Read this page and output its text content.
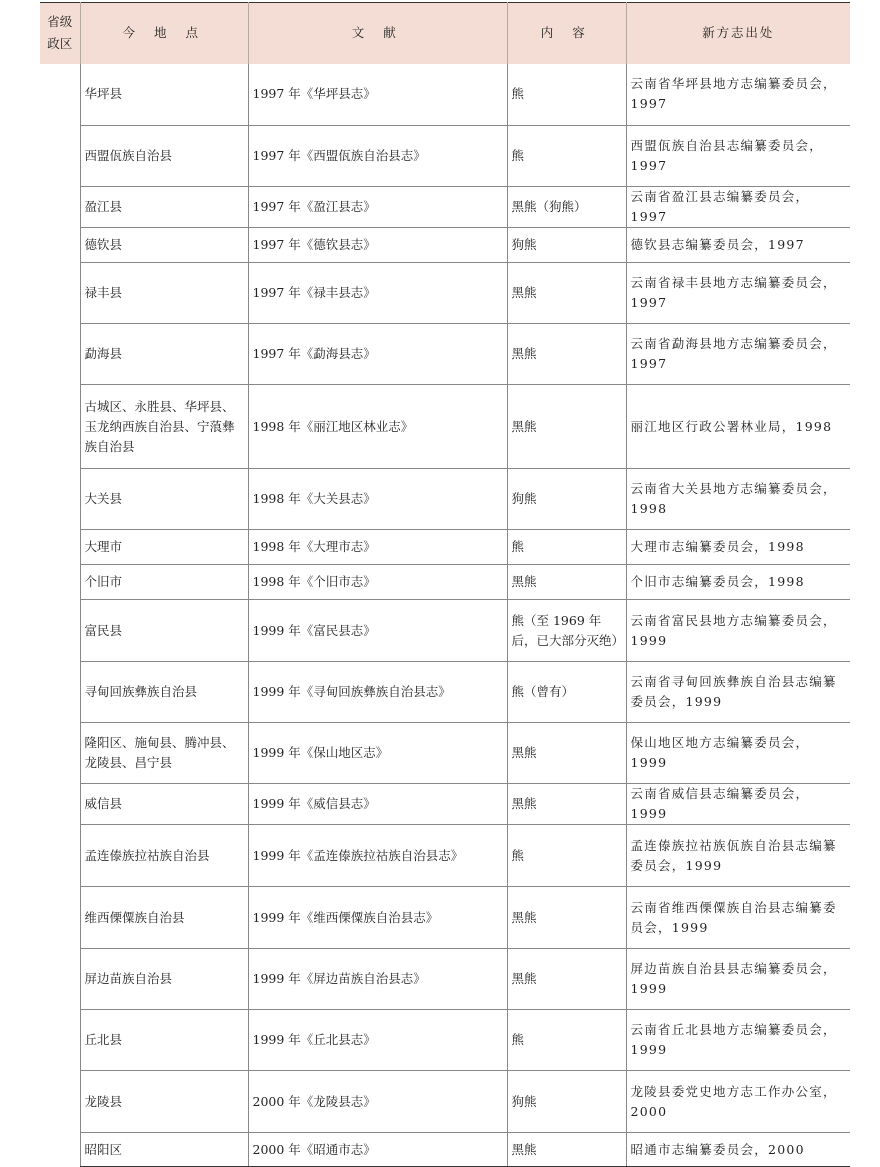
省级
政区	今 地 点	文 献	内 容	新方志出处
	华坪县	1997 年《华坪县志》	熊	云南省华坪县地方志编纂委员会，1997
	西盟佤族自治县	1997 年《西盟佤族自治县志》	熊	西盟佤族自治县志编纂委员会，1997
	盈江县	1997 年《盈江县志》	黑熊（狗熊）	云南省盈江县志编纂委员会，1997
	德钦县	1997 年《德钦县志》	狗熊	德钦县志编纂委员会，1997
	禄丰县	1997 年《禄丰县志》	黑熊	云南省禄丰县地方志编纂委员会，1997
	勐海县	1997 年《勐海县志》	黑熊	云南省勐海县地方志编纂委员会，1997
	古城区、永胜县、华坪县、玉龙纳西族自治县、宁蒗彝族自治县	1998 年《丽江地区林业志》	黑熊	丽江地区行政公署林业局，1998
	大关县	1998 年《大关县志》	狗熊	云南省大关县地方志编纂委员会，1998
	大理市	1998 年《大理市志》	熊	大理市志编纂委员会，1998
	个旧市	1998 年《个旧市志》	黑熊	个旧市志编纂委员会，1998
	富民县	1999 年《富民县志》	熊（至 1969 年后，已大部分灭绝）	云南省富民县地方志编纂委员会，1999
	寻甸回族彝族自治县	1999 年《寻甸回族彝族自治县志》	熊（曾有）	云南省寻甸回族彝族自治县志编纂委员会，1999
	隆阳区、施甸县、腾冲县、龙陵县、昌宁县	1999 年《保山地区志》	黑熊	保山地区地方志编纂委员会，1999
	威信县	1999 年《威信县志》	黑熊	云南省威信县志编纂委员会，1999
	孟连傣族拉祜族自治县	1999 年《孟连傣族拉祜族自治县志》	熊	孟连傣族拉祜族佤族自治县志编纂委员会，1999
	维西傈僳族自治县	1999 年《维西傈僳族自治县志》	黑熊	云南省维西傈僳族自治县志编纂委员会，1999
	屏边苗族自治县	1999 年《屏边苗族自治县志》	黑熊	屏边苗族自治县县志编纂委员会，1999
	丘北县	1999 年《丘北县志》	熊	云南省丘北县地方志编纂委员会，1999
	龙陵县	2000 年《龙陵县志》	狗熊	龙陵县委党史地方志工作办公室，2000
	昭阳区	2000 年《昭通市志》	黑熊	昭通市志编纂委员会，2000
